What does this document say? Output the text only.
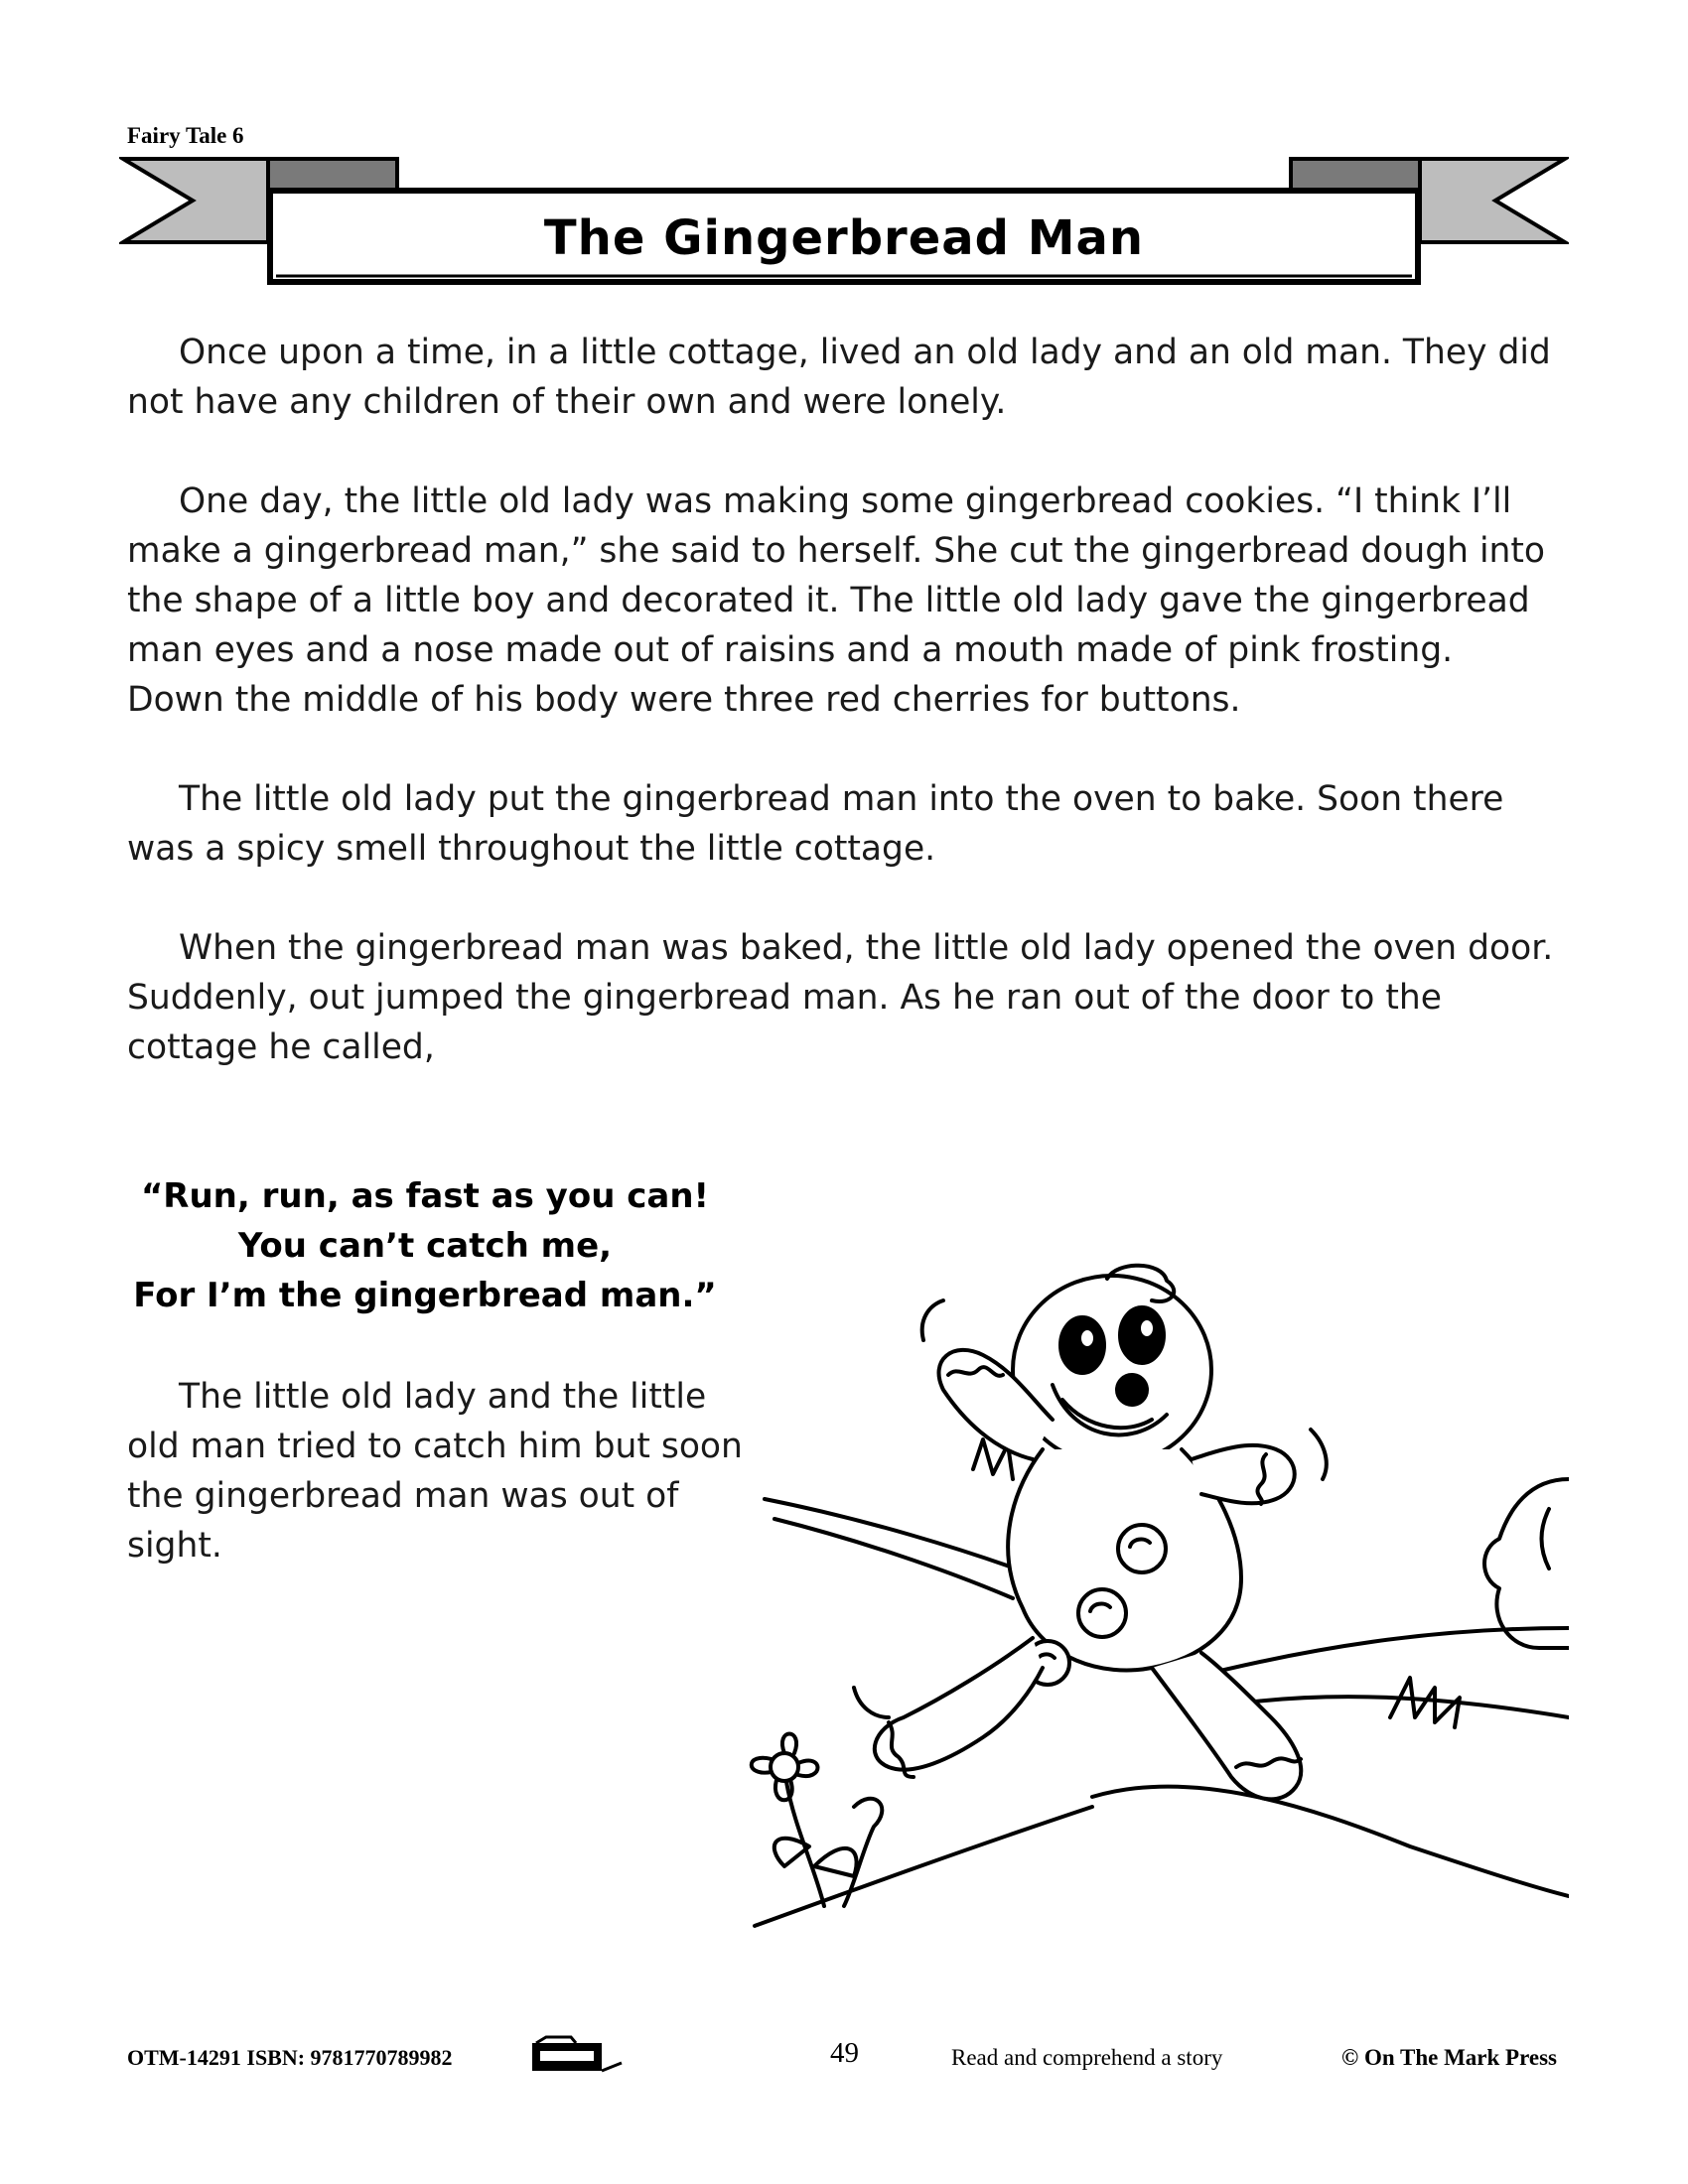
Fairy Tale 6
The Gingerbread Man

Once upon a time, in a little cottage, lived an old lady and an old man. They did not have any children of their own and were lonely.

One day, the little old lady was making some gingerbread cookies. “I think I’ll make a gingerbread man,” she said to herself. She cut the gingerbread dough into the shape of a little boy and decorated it. The little old lady gave the gingerbread man eyes and a nose made out of raisins and a mouth made of pink frosting. Down the middle of his body were three red cherries for buttons.

The little old lady put the gingerbread man into the oven to bake. Soon there was a spicy smell throughout the little cottage.

When the gingerbread man was baked, the little old lady opened the oven door. Suddenly, out jumped the gingerbread man. As he ran out of the door to the cottage he called,

“Run, run, as fast as you can!
You can’t catch me,
For I’m the gingerbread man.”

The little old lady and the little old man tried to catch him but soon the gingerbread man was out of sight.

OTM-14291 ISBN: 9781770789982	49	Read and comprehend a story	© On The Mark Press
